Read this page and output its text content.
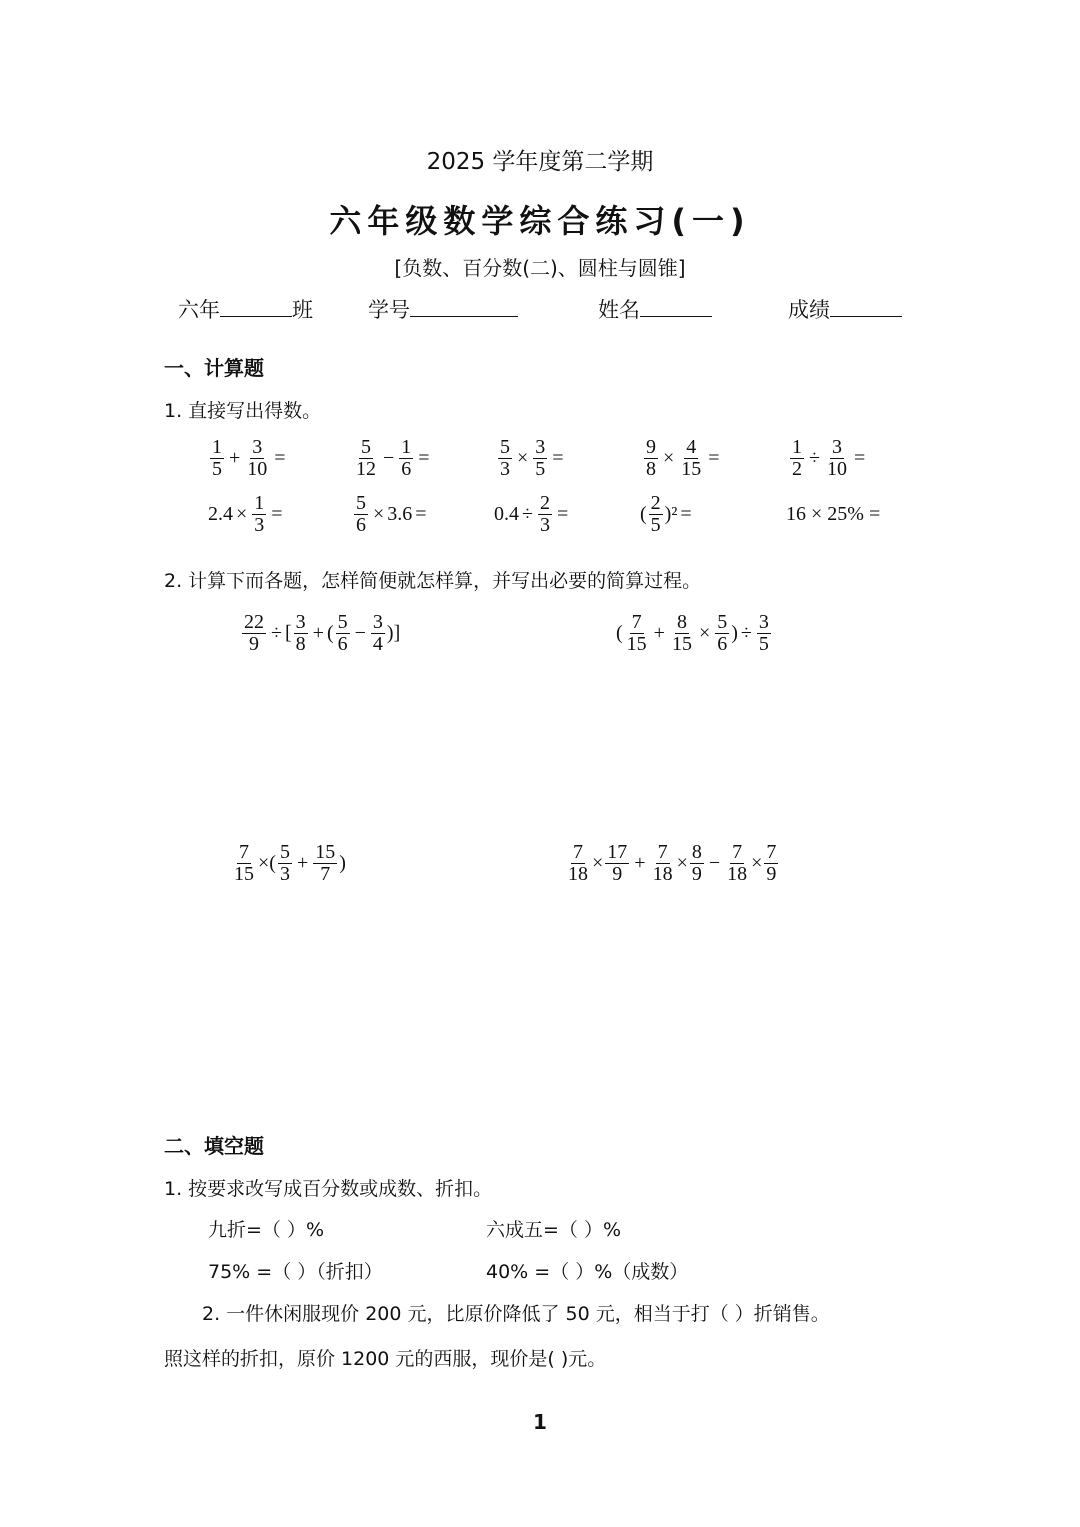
2025 学年度第二学期
六年级数学综合练习(一)
[负数、百分数(二)、圆柱与圆锥]
六年	班	学号	姓名	成绩
一、计算题
1. 直接写出得数。
$\frac{1}{5} + \frac{3}{10}$ =	$\frac{5}{12} - \frac{1}{6}$ =	$\frac{5}{3} \times \frac{3}{5}$ =	$\frac{9}{8} \times \frac{4}{15}$ =	$\frac{1}{2} \div \frac{3}{10}$ =
$2.4 \times \frac{1}{3}$ =	$\frac{5}{6} \times 3.6$ =	$0.4 \div \frac{2}{3}$ =	( $\frac{2}{5}$ ) ² =	16 × 25% =
2. 计算下而各题，怎样简便就怎样算，并写出必要的简算过程。
$\frac{22}{9}$ ÷ [ $\frac{3}{8}$ + ( $\frac{5}{6} - \frac{3}{4}$ ) ]	( $\frac{7}{15} + \frac{8}{15} \times \frac{5}{6}$ ) ÷ $\frac{3}{5}$
$\frac{7}{15}$ × ( $\frac{5}{3} + \frac{15}{7}$ )	$\frac{7}{18} \times \frac{17}{9} + \frac{7}{18} \times \frac{8}{9} - \frac{7}{18} \times \frac{7}{9}$
二、填空题
1. 按要求改写成百分数或成数、折扣。
九折=（ ）%	六成五=（ ）%
75% =（ ）（折扣）	40% =（ ）%（成数）
2. 一件休闲服现价 200 元，比原价降低了 50 元，相当于打（ ）折销售。
照这样的折扣，原价 1200 元的西服，现价是( )元。
1
